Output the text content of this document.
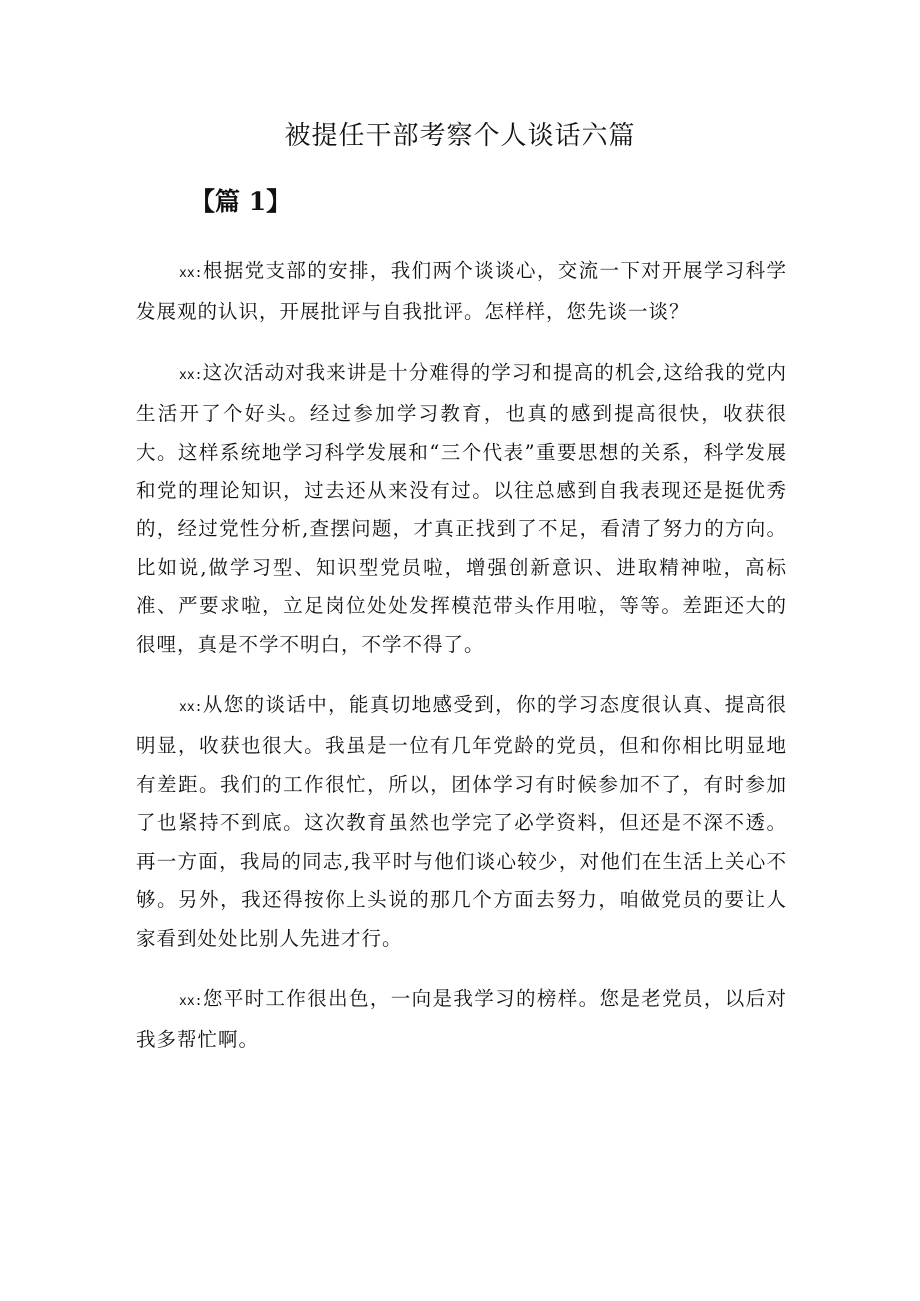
被提任干部考察个人谈话六篇
【篇 1】

xx:根据党支部的安排，我们两个谈谈心，交流一下对开展学习科学发展观的认识，开展批评与自我批评。怎样样，您先谈一谈？

xx:这次活动对我来讲是十分难得的学习和提高的机会,这给我的党内生活开了个好头。经过参加学习教育，也真的感到提高很快，收获很大。这样系统地学习科学发展和“三个代表”重要思想的关系，科学发展和党的理论知识，过去还从来没有过。以往总感到自我表现还是挺优秀的，经过党性分析,查摆问题，才真正找到了不足，看清了努力的方向。比如说,做学习型、知识型党员啦，增强创新意识、进取精神啦，高标准、严要求啦，立足岗位处处发挥模范带头作用啦，等等。差距还大的很哩，真是不学不明白，不学不得了。

xx:从您的谈话中，能真切地感受到，你的学习态度很认真、提高很明显，收获也很大。我虽是一位有几年党龄的党员，但和你相比明显地有差距。我们的工作很忙，所以，团体学习有时候参加不了，有时参加了也紧持不到底。这次教育虽然也学完了必学资料，但还是不深不透。再一方面，我局的同志,我平时与他们谈心较少，对他们在生活上关心不够。另外，我还得按你上头说的那几个方面去努力，咱做党员的要让人家看到处处比别人先进才行。

xx:您平时工作很出色，一向是我学习的榜样。您是老党员，以后对我多帮忙啊。
